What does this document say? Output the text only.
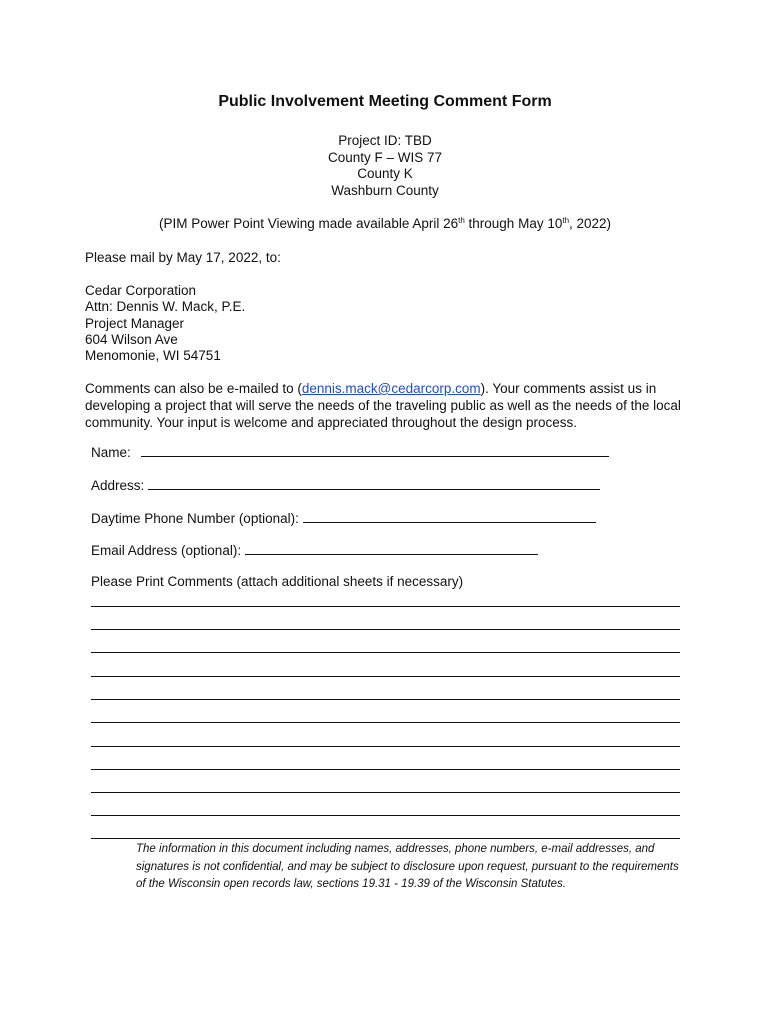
Public Involvement Meeting Comment Form
Project ID: TBD
County F – WIS 77
County K
Washburn County
(PIM Power Point Viewing made available April 26th through May 10th, 2022)
Please mail by May 17, 2022, to:
Cedar Corporation
Attn: Dennis W. Mack, P.E.
Project Manager
604 Wilson Ave
Menomonie, WI 54751
Comments can also be e-mailed to (dennis.mack@cedarcorp.com). Your comments assist us in developing a project that will serve the needs of the traveling public as well as the needs of the local community. Your input is welcome and appreciated throughout the design process.
Name:
Address:
Daytime Phone Number (optional):
Email Address (optional):
Please Print Comments (attach additional sheets if necessary)
The information in this document including names, addresses, phone numbers, e-mail addresses, and signatures is not confidential, and may be subject to disclosure upon request, pursuant to the requirements of the Wisconsin open records law, sections 19.31 - 19.39 of the Wisconsin Statutes.
